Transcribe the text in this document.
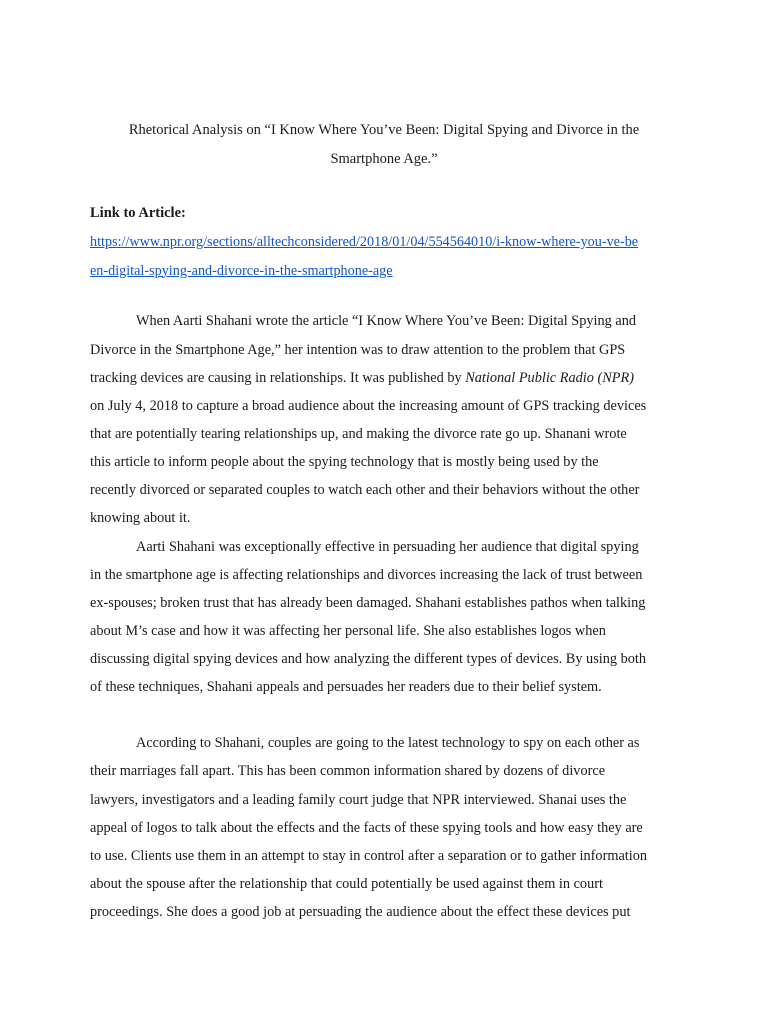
Rhetorical Analysis on “I Know Where You’ve Been: Digital Spying and Divorce in the
Smartphone Age.”
Link to Article:
https://www.npr.org/sections/alltechconsidered/2018/01/04/554564010/i-know-where-you-ve-be
en-digital-spying-and-divorce-in-the-smartphone-age
When Aarti Shahani wrote the article “I Know Where You’ve Been: Digital Spying and
Divorce in the Smartphone Age,” her intention was to draw attention to the problem that GPS
tracking devices are causing in relationships. It was published by National Public Radio (NPR)
on July 4, 2018 to capture a broad audience about the increasing amount of GPS tracking devices
that are potentially tearing relationships up, and making the divorce rate go up. Shanani wrote
this article to inform people about the spying technology that is mostly being used by the
recently divorced or separated couples to watch each other and their behaviors without the other
knowing about it.
Aarti Shahani was exceptionally effective in persuading her audience that digital spying
in the smartphone age is affecting relationships and divorces increasing the lack of trust between
ex-spouses; broken trust that has already been damaged. Shahani establishes pathos when talking
about M’s case and how it was affecting her personal life. She also establishes logos when
discussing digital spying devices and how analyzing the different types of devices. By using both
of these techniques, Shahani appeals and persuades her readers due to their belief system.
According to Shahani, couples are going to the latest technology to spy on each other as
their marriages fall apart. This has been common information shared by dozens of divorce
lawyers, investigators and a leading family court judge that NPR interviewed. Shanai uses the
appeal of logos to talk about the effects and the facts of these spying tools and how easy they are
to use. Clients use them in an attempt to stay in control after a separation or to gather information
about the spouse after the relationship that could potentially be used against them in court
proceedings. She does a good job at persuading the audience about the effect these devices put
